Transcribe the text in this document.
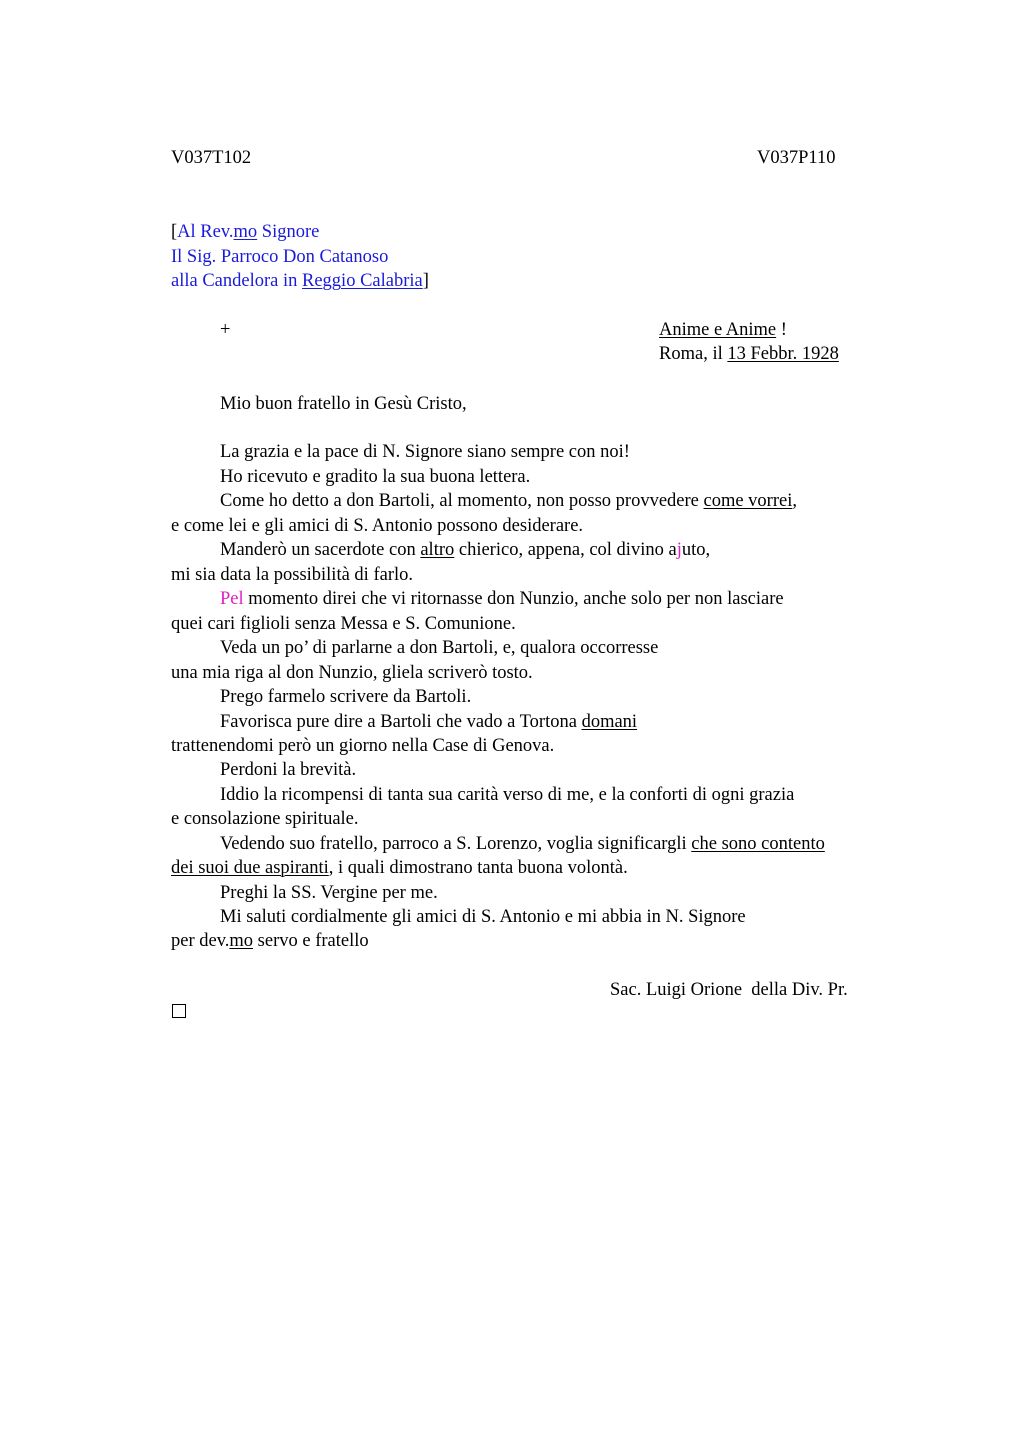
V037T102	V037P110
[Al Rev.mo Signore
Il Sig. Parroco Don Catanoso
alla Candelora in Reggio Calabria]
+	Anime e Anime !
Roma, il 13 Febbr. 1928
Mio buon fratello in Gesù Cristo,
La grazia e la pace di N. Signore siano sempre con noi!
Ho ricevuto e gradito la sua buona lettera.
Come ho detto a don Bartoli, al momento, non posso provvedere come vorrei,
e come lei e gli amici di S. Antonio possono desiderare.
Manderò un sacerdote con altro chierico, appena, col divino ajuto,
mi sia data la possibilità di farlo.
Pel momento direi che vi ritornasse don Nunzio, anche solo per non lasciare
quei cari figlioli senza Messa e S. Comunione.
Veda un po’ di parlarne a don Bartoli, e, qualora occorresse
una mia riga al don Nunzio, gliela scriverò tosto.
Prego farmelo scrivere da Bartoli.
Favorisca pure dire a Bartoli che vado a Tortona domani
trattenendomi però un giorno nella Case di Genova.
Perdoni la brevità.
Iddio la ricompensi di tanta sua carità verso di me, e la conforti di ogni grazia
e consolazione spirituale.
Vedendo suo fratello, parroco a S. Lorenzo, voglia significargli che sono contento
dei suoi due aspiranti, i quali dimostrano tanta buona volontà.
Preghi la SS. Vergine per me.
Mi saluti cordialmente gli amici di S. Antonio e mi abbia in N. Signore
per dev.mo servo e fratello
Sac. Luigi Orione  della Div. Pr.
